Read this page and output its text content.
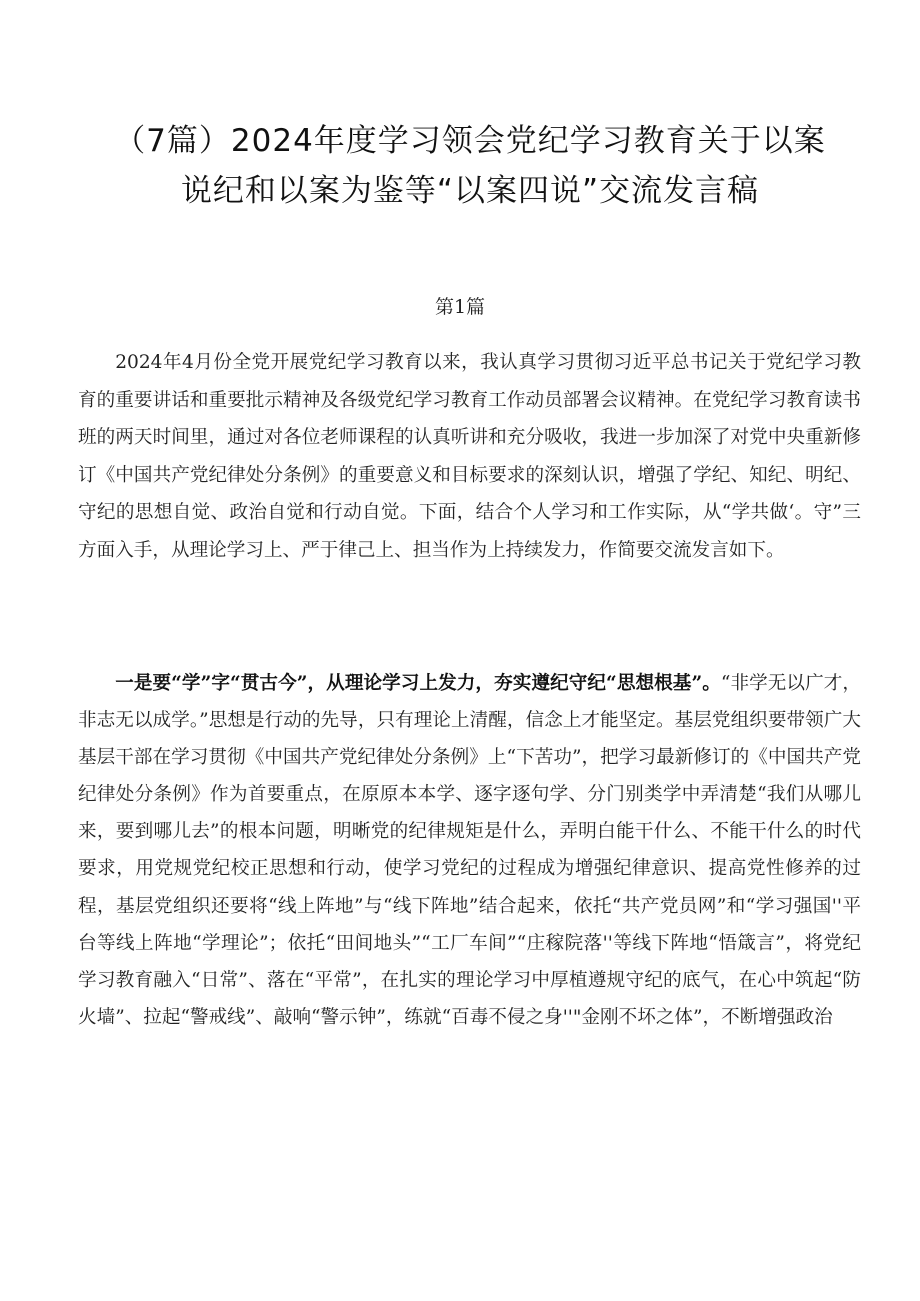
（7篇）2024年度学习领会党纪学习教育关于以案说纪和以案为鉴等“以案四说”交流发言稿
第1篇

2024年4月份全党开展党纪学习教育以来，我认真学习贯彻习近平总书记关于党纪学习教育的重要讲话和重要批示精神及各级党纪学习教育工作动员部署会议精神。在党纪学习教育读书班的两天时间里，通过对各位老师课程的认真听讲和充分吸收，我进一步加深了对党中央重新修订《中国共产党纪律处分条例》的重要意义和目标要求的深刻认识，增强了学纪、知纪、明纪、守纪的思想自觉、政治自觉和行动自觉。下面，结合个人学习和工作实际，从“学共做‘。守”三方面入手，从理论学习上、严于律己上、担当作为上持续发力，作简要交流发言如下。

一是要“学”字“贯古今”，从理论学习上发力，夯实遵纪守纪“思想根基”。“非学无以广才，非志无以成学。”思想是行动的先导，只有理论上清醒，信念上才能坚定。基层党组织要带领广大基层干部在学习贯彻《中国共产党纪律处分条例》上“下苦功”，把学习最新修订的《中国共产党纪律处分条例》作为首要重点，在原原本本学、逐字逐句学、分门别类学中弄清楚“我们从哪儿来，要到哪儿去”的根本问题，明晰党的纪律规矩是什么，弄明白能干什么、不能干什么的时代要求，用党规党纪校正思想和行动，使学习党纪的过程成为增强纪律意识、提高党性修养的过程，基层党组织还要将“线上阵地”与“线下阵地”结合起来，依托“共产党员网”和“学习强国''平台等线上阵地“学理论”；依托“田间地头”“工厂车间”“庄稼院落''等线下阵地“悟箴言”，将党纪学习教育融入“日常”、落在“平常”，在扎实的理论学习中厚植遵规守纪的底气，在心中筑起“防火墙”、拉起“警戒线”、敲响“警示钟”，练就“百毒不侵之身''"金刚不坏之体”，不断增强政治
